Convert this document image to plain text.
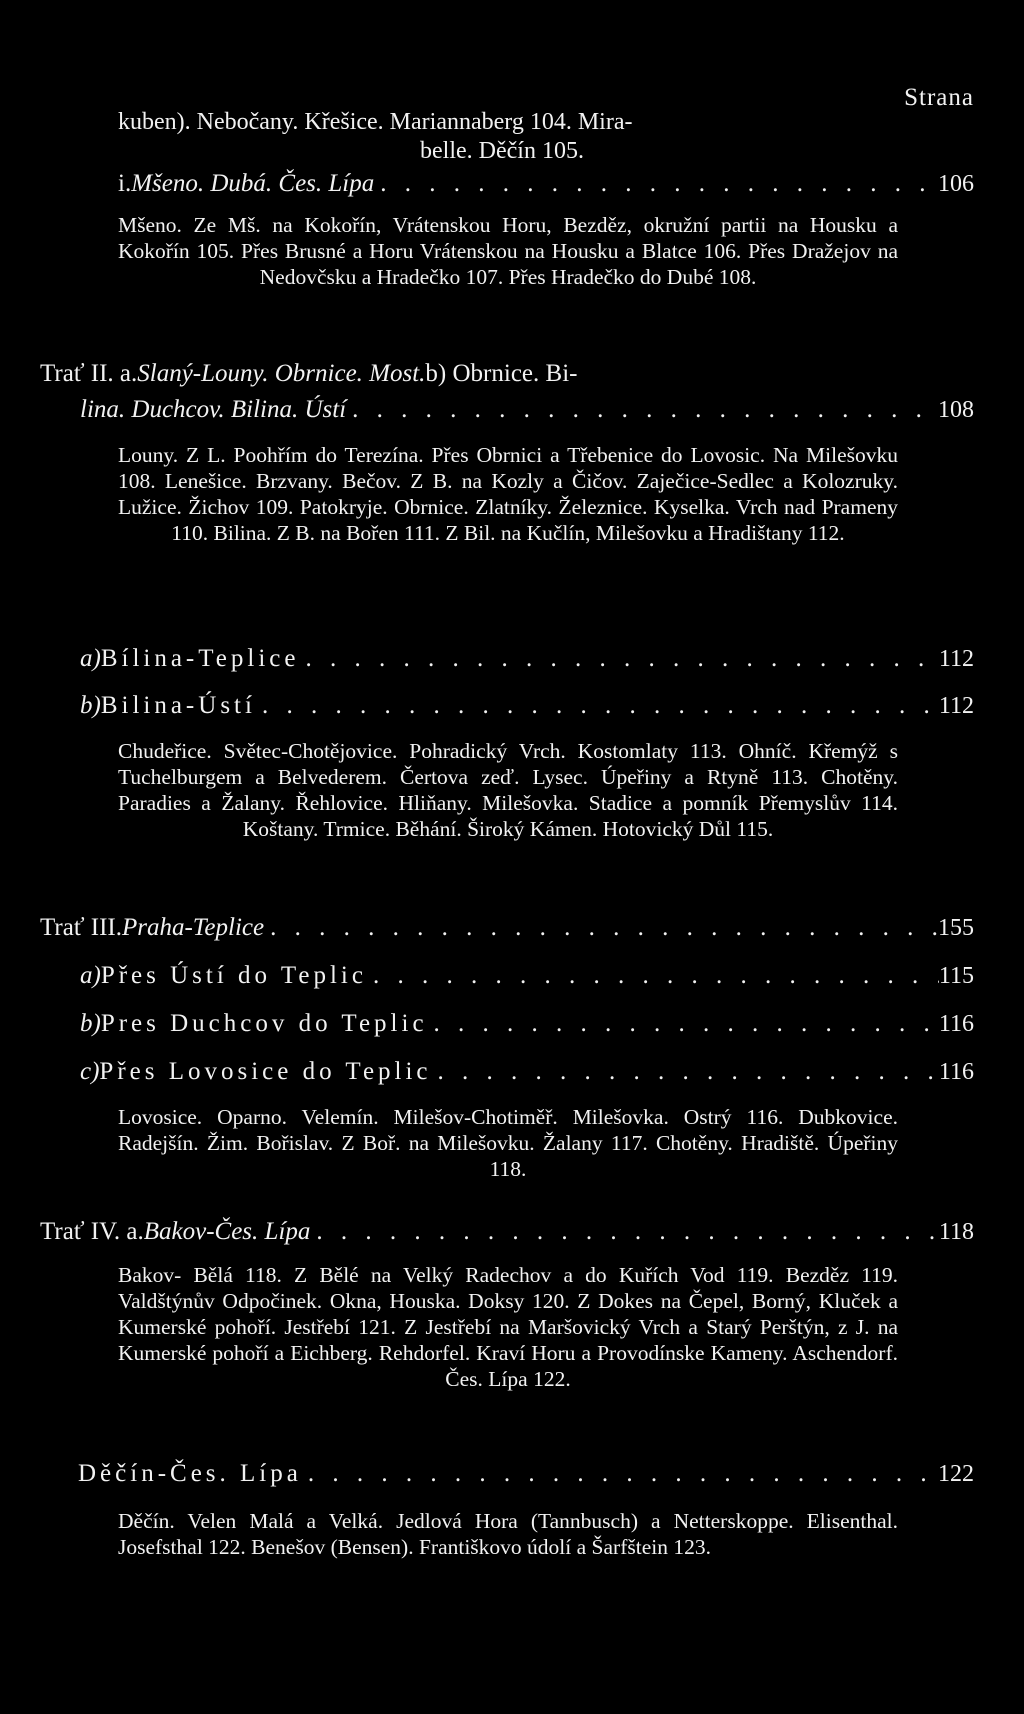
Strana
kuben). Nebočany. Křešice. Mariannaberg 104. Mira-
belle. Děčín 105.
i. Mšeno. Dubá. Čes. Lípa . . .	106
Mšeno. Ze Mš. na Kokořín, Vrátenskou Horu, Bezděz, okružní partii na Housku a Kokořín 105. Přes Brusné a Horu Vrátenskou na Housku a Blatce 106. Přes Dražejov na Nedovčsku a Hradečko 107. Přes Hradečko do Dubé 108.
Trať II. a. Slaný-Louny. Obrnice. Most. b) Obrnice. Bi-
lina. Duchcov. Bilina. Ústí . . .	108
Louny. Z L. Poohřím do Terezína. Přes Obrnici a Třebenice do Lovosic. Na Milešovku 108. Lenešice. Brzvany. Bečov. Z B. na Kozly a Čičov. Zaječice-Sedlec a Kolozruky. Lužice. Žichov 109. Patokryje. Obrnice. Zlatníky. Železnice. Kyselka. Vrch nad Prameny 110. Bilina. Z B. na Bořen 111. Z Bil. na Kučlín, Milešovku a Hradištany 112.
a) Bílina-Teplice . . .	112
b) Bilina-Ústí . . .	112
Chudeřice. Světec-Chotějovice. Pohradický Vrch. Kostomlaty 113. Ohníč. Křemýž s Tuchelburgem a Belvederem. Čertova zeď. Lysec. Úpeřiny a Rtyně 113. Chotěny. Paradies a Žalany. Řehlovice. Hliňany. Milešovka. Stadice a pomník Přemyslův 114. Koštany. Trmice. Běhání. Široký Kámen. Hotovický Důl 115.
Trať III. Praha-Teplice . . .	155
a) Přes Ústí do Teplic . . .	115
b) Pres Duchcov do Teplic . . .	116
c) Přes Lovosice do Teplic . . .	116
Lovosice. Oparno. Velemín. Milešov-Chotiměř. Milešovka. Ostrý 116. Dubkovice. Radejšín. Žim. Bořislav. Z Boř. na Milešovku. Žalany 117. Chotěny. Hradiště. Úpeřiny 118.
Trať IV. a. Bakov-Čes. Lípa . . .	118
Bakov- Bělá 118. Z Bělé na Velký Radechov a do Kuřích Vod 119. Bezděz 119. Valdštýnův Odpočinek. Okna, Houska. Doksy 120. Z Dokes na Čepel, Borný, Kluček a Kumerské pohoří. Jestřebí 121. Z Jestřebí na Maršovický Vrch a Starý Perštýn, z J. na Kumerské pohoří a Eichberg. Rehdorfel. Kraví Horu a Provodínske Kameny. Aschendorf. Čes. Lípa 122.
Děčín-Čes. Lípa . . .	122
Děčín. Velen Malá a Velká. Jedlová Hora (Tannbusch) a Netterskoppe. Elisenthal. Josefsthal 122. Benešov (Bensen). Františkovo údolí a Šarfštein 123.
